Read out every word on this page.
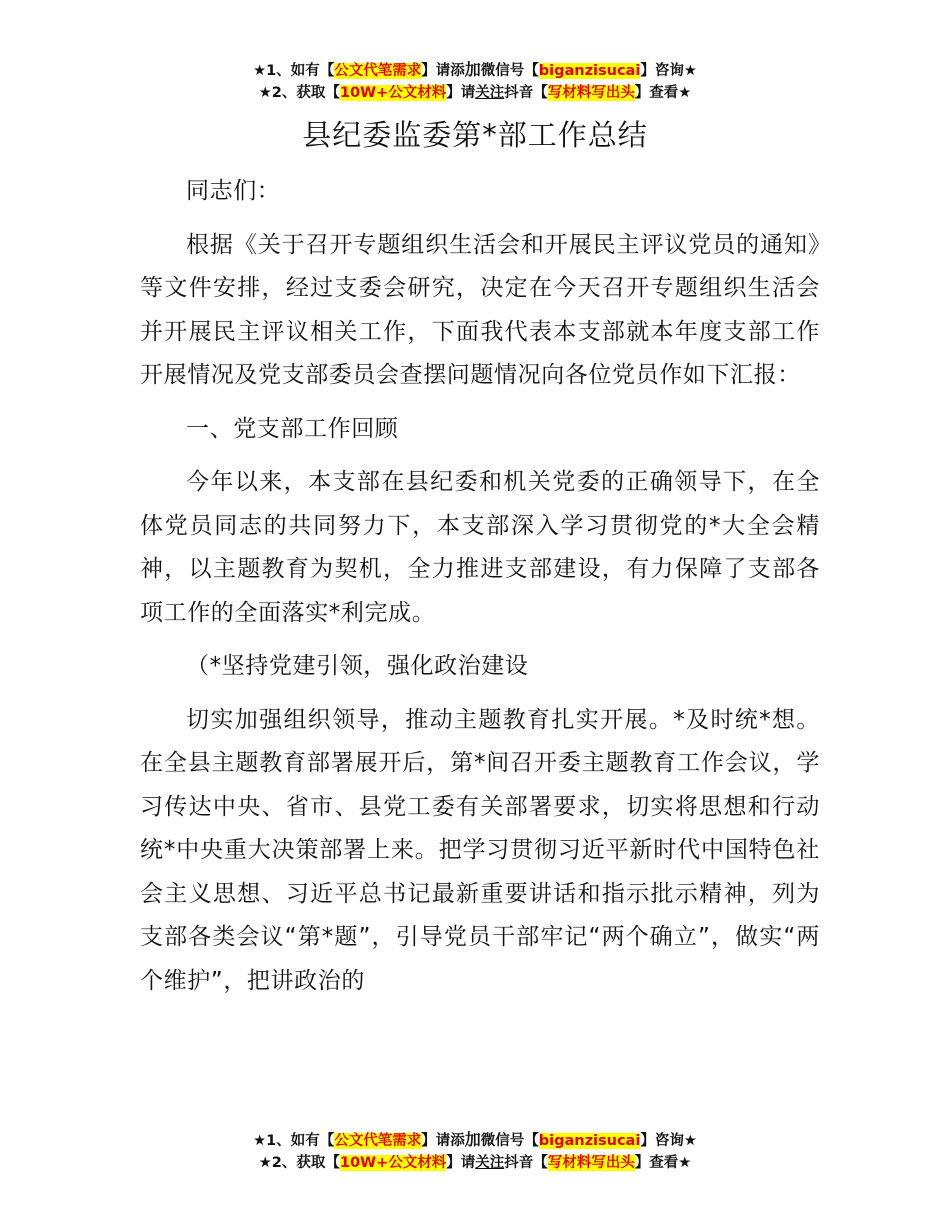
★1、如有【公文代笔需求】请添加微信号【biganzisucai】咨询★
★2、获取【10W+公文材料】请关注抖音【写材料写出头】查看★
县纪委监委第*部工作总结

同志们：

根据《关于召开专题组织生活会和开展民主评议党员的通知》等文件安排，经过支委会研究，决定在今天召开专题组织生活会并开展民主评议相关工作，下面我代表本支部就本年度支部工作开展情况及党支部委员会查摆问题情况向各位党员作如下汇报：

一、党支部工作回顾

今年以来，本支部在县纪委和机关党委的正确领导下，在全体党员同志的共同努力下，本支部深入学习贯彻党的*大全会精神，以主题教育为契机，全力推进支部建设，有力保障了支部各项工作的全面落实*利完成。

（*坚持党建引领，强化政治建设

切实加强组织领导，推动主题教育扎实开展。*及时统*想。在全县主题教育部署展开后，第*间召开委主题教育工作会议，学习传达中央、省市、县党工委有关部署要求，切实将思想和行动统*中央重大决策部署上来。把学习贯彻习近平新时代中国特色社会主义思想、习近平总书记最新重要讲话和指示批示精神，列为支部各类会议“第*题”，引导党员干部牢记“两个确立”，做实“两个维护”，把讲政治的

★1、如有【公文代笔需求】请添加微信号【biganzisucai】咨询★
★2、获取【10W+公文材料】请关注抖音【写材料写出头】查看★
